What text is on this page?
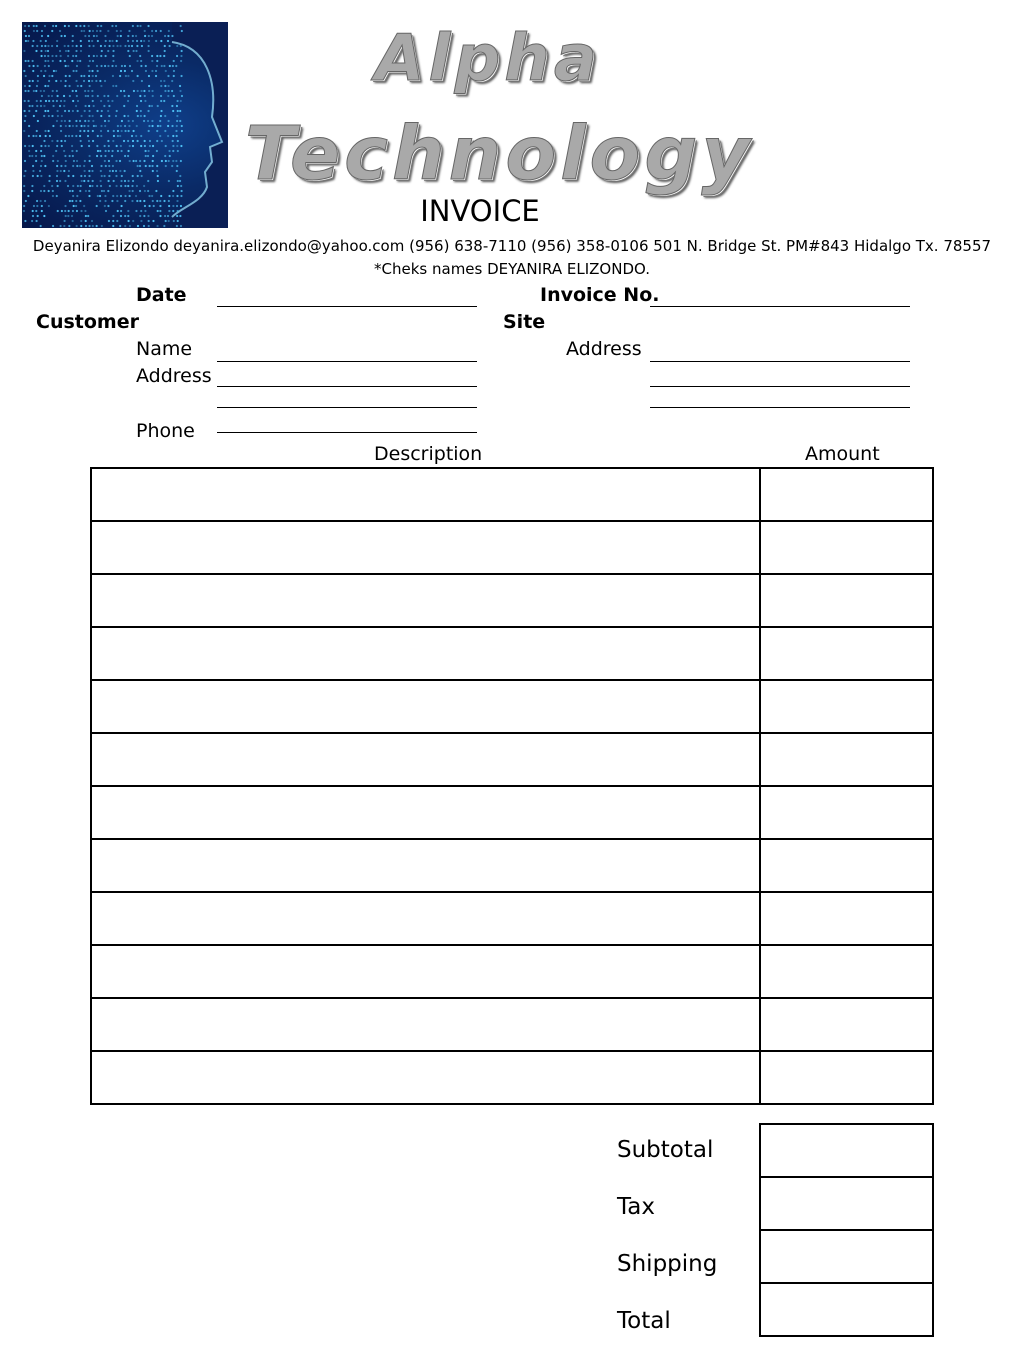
Alpha
Technology
INVOICE
Deyanira Elizondo deyanira.elizondo@yahoo.com (956) 638-7110 (956) 358-0106 501 N. Bridge St. PM#843 Hidalgo Tx. 78557
*Cheks names DEYANIRA ELIZONDO.
Date	Invoice No.
Customer	Site
Name	Address
Address
Phone
Description	Amount

Subtotal
Tax
Shipping
Total
